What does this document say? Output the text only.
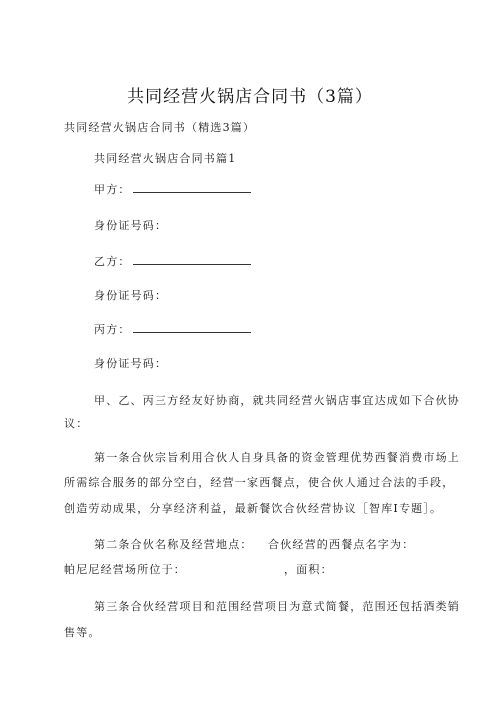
共同经营火锅店合同书（3篇）
共同经营火锅店合同书（精选3篇）
共同经营火锅店合同书篇1
甲方：
身份证号码：
乙方：
身份证号码：
丙方：
身份证号码：
甲、乙、丙三方经友好协商，就共同经营火锅店事宜达成如下合伙协
议：
第一条合伙宗旨利用合伙人自身具备的资金管理优势西餐消费市场上
所需综合服务的部分空白，经营一家西餐点，使合伙人通过合法的手段，
创造劳动成果，分享经济利益，最新餐饮合伙经营协议［智库I专题］。
第二条合伙名称及经营地点： 合伙经营的西餐点名字为：
帕尼尼经营场所位于：	，面积：
第三条合伙经营项目和范围经营项目为意式简餐，范围还包括酒类销
售等。
